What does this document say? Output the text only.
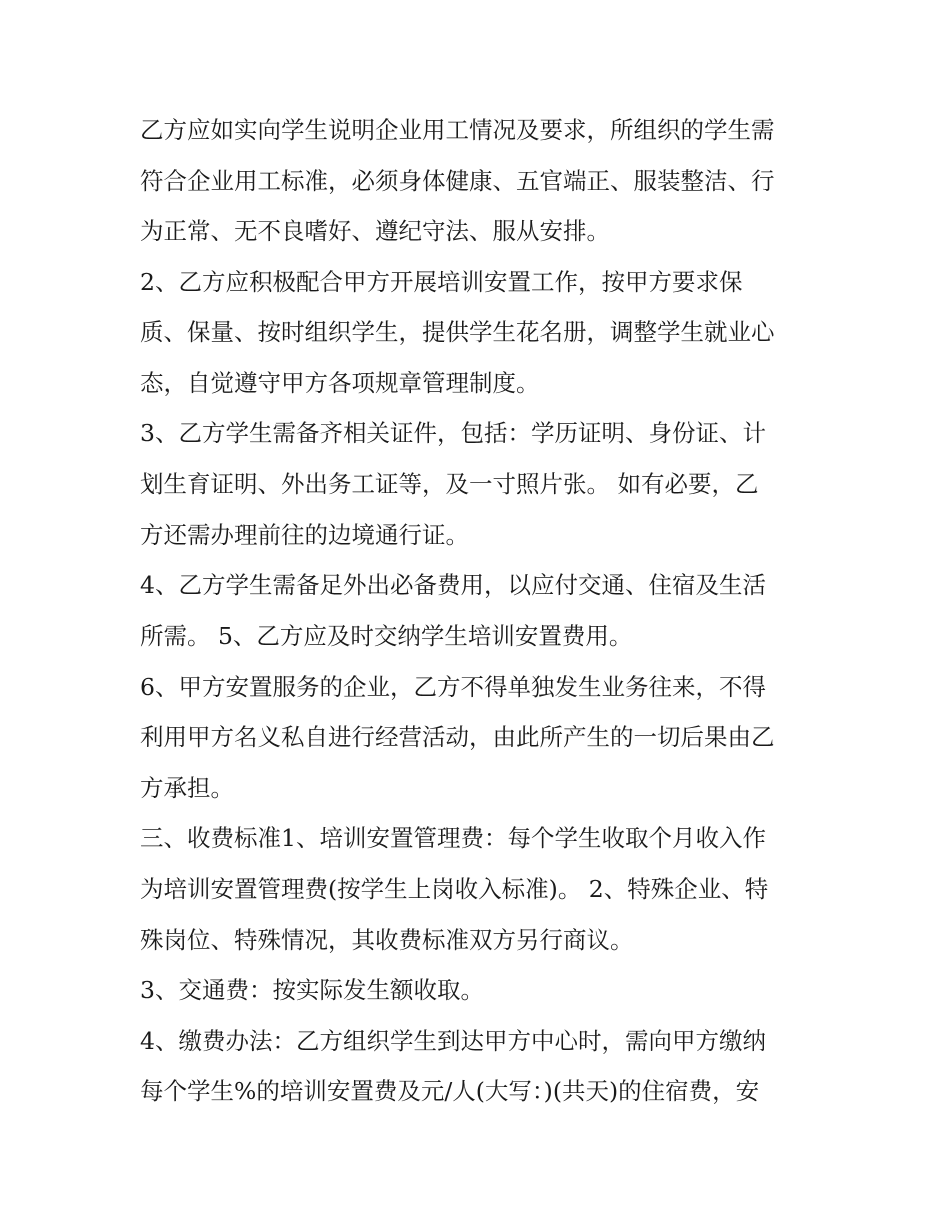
乙方应如实向学生说明企业用工情况及要求，所组织的学生需
符合企业用工标准，必须身体健康、五官端正、服装整洁、行
为正常、无不良嗜好、遵纪守法、服从安排。
2、乙方应积极配合甲方开展培训安置工作，按甲方要求保
质、保量、按时组织学生，提供学生花名册，调整学生就业心
态，自觉遵守甲方各项规章管理制度。
3、乙方学生需备齐相关证件，包括：学历证明、身份证、计
划生育证明、外出务工证等，及一寸照片张。 如有必要，乙
方还需办理前往的边境通行证。
4、乙方学生需备足外出必备费用，以应付交通、住宿及生活
所需。 5、乙方应及时交纳学生培训安置费用。
6、甲方安置服务的企业，乙方不得单独发生业务往来，不得
利用甲方名义私自进行经营活动，由此所产生的一切后果由乙
方承担。
三、收费标准1、培训安置管理费：每个学生收取个月收入作
为培训安置管理费(按学生上岗收入标准)。 2、特殊企业、特
殊岗位、特殊情况，其收费标准双方另行商议。
3、交通费：按实际发生额收取。
4、缴费办法：乙方组织学生到达甲方中心时，需向甲方缴纳
每个学生%的培训安置费及元/人(大写：)(共天)的住宿费，安
